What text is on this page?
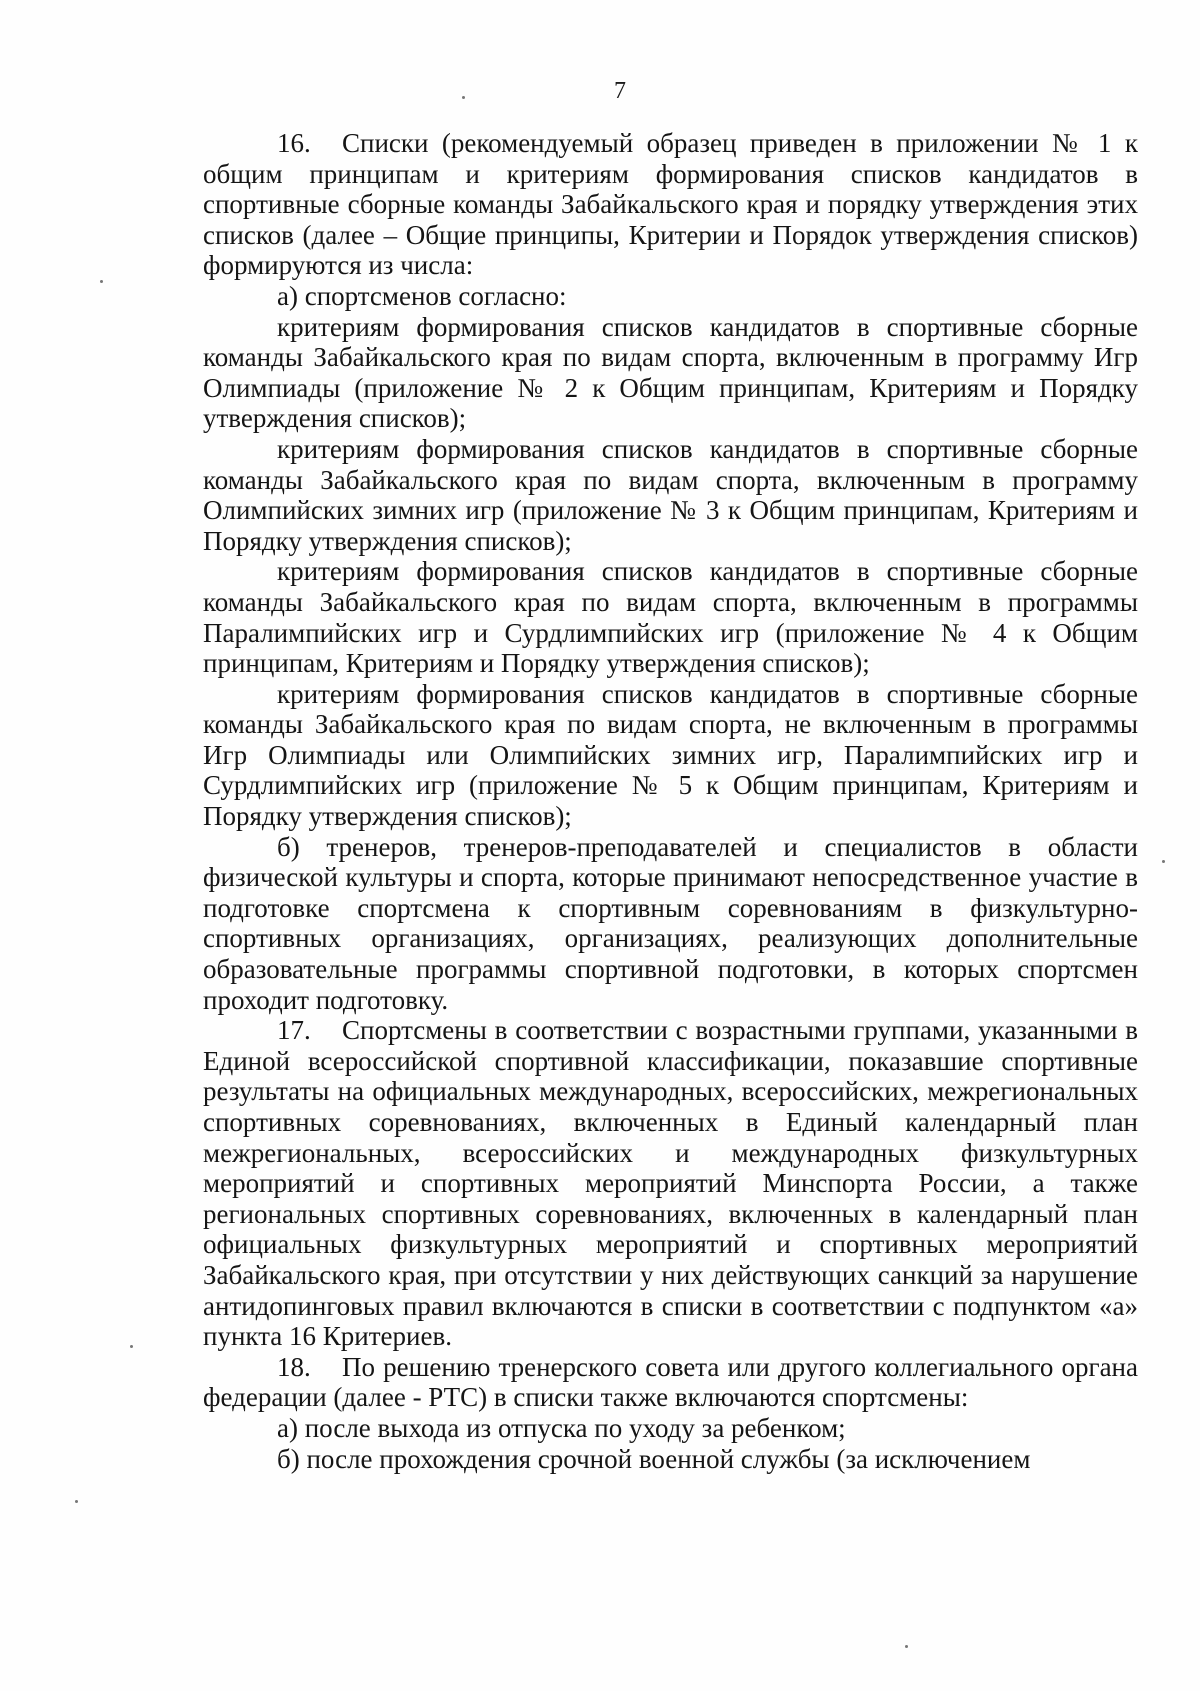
7

16. Списки (рекомендуемый образец приведен в приложении № 1 к общим принципам и критериям формирования списков кандидатов в спортивные сборные команды Забайкальского края и порядку утверждения этих списков (далее – Общие принципы, Критерии и Порядок утверждения списков) формируются из числа:

а) спортсменов согласно:

критериям формирования списков кандидатов в спортивные сборные команды Забайкальского края по видам спорта, включенным в программу Игр Олимпиады (приложение № 2 к Общим принципам, Критериям и Порядку утверждения списков);

критериям формирования списков кандидатов в спортивные сборные команды Забайкальского края по видам спорта, включенным в программу Олимпийских зимних игр (приложение № 3 к Общим принципам, Критериям и Порядку утверждения списков);

критериям формирования списков кандидатов в спортивные сборные команды Забайкальского края по видам спорта, включенным в программы Паралимпийских игр и Сурдлимпийских игр (приложение № 4 к Общим принципам, Критериям и Порядку утверждения списков);

критериям формирования списков кандидатов в спортивные сборные команды Забайкальского края по видам спорта, не включенным в программы Игр Олимпиады или Олимпийских зимних игр, Паралимпийских игр и Сурдлимпийских игр (приложение № 5 к Общим принципам, Критериям и Порядку утверждения списков);

б) тренеров, тренеров-преподавателей и специалистов в области физической культуры и спорта, которые принимают непосредственное участие в подготовке спортсмена к спортивным соревнованиям в физкультурно-спортивных организациях, организациях, реализующих дополнительные образовательные программы спортивной подготовки, в которых спортсмен проходит подготовку.

17. Спортсмены в соответствии с возрастными группами, указанными в Единой всероссийской спортивной классификации, показавшие спортивные результаты на официальных международных, всероссийских, межрегиональных спортивных соревнованиях, включенных в Единый календарный план межрегиональных, всероссийских и международных физкультурных мероприятий и спортивных мероприятий Минспорта России, а также региональных спортивных соревнованиях, включенных в календарный план официальных физкультурных мероприятий и спортивных мероприятий Забайкальского края, при отсутствии у них действующих санкций за нарушение антидопинговых правил включаются в списки в соответствии с подпунктом «а» пункта 16 Критериев.

18. По решению тренерского совета или другого коллегиального органа федерации (далее - РТС) в списки также включаются спортсмены:

а) после выхода из отпуска по уходу за ребенком;

б) после прохождения срочной военной службы (за исключением
